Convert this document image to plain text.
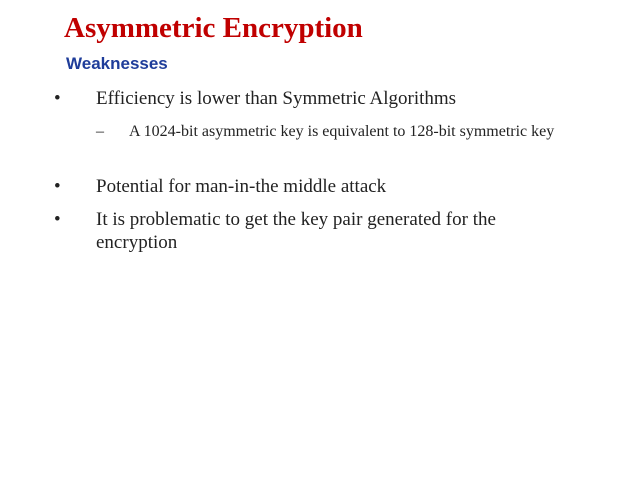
Asymmetric Encryption
Weaknesses
• Efficiency is lower than Symmetric Algorithms
– A 1024-bit asymmetric key is equivalent to 128-bit symmetric key
• Potential for man-in-the middle attack
• It is problematic to get the key pair generated for the encryption
